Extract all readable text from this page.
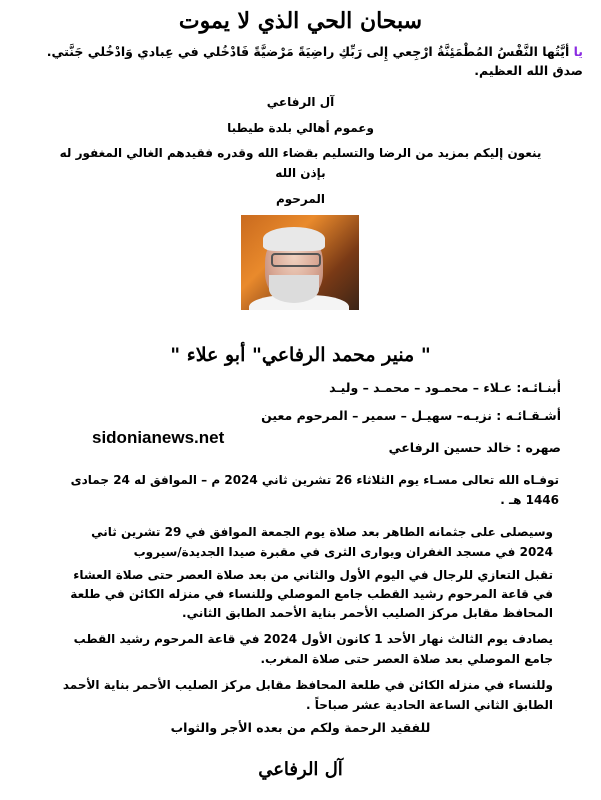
سبحان الحي الذي لا يموت
يا أيَّتُها النَّفْسُ المُطْمَئِنَّةُ ارْجِعي إِلى رَبِّكِ راضِيَةً مَرْضيَّةً فَادْخُلي في عِبادي وَادْخُلي جَنَّتي. صدق الله العظيم.
آل الرفاعي
وعموم أهالي بلدة طيطبا
ينعون إليكم بمزيد من الرضا والتسليم بقضاء الله وقدره فقيدهم الغالي المغفور له بإذن الله
المرحوم
" منير محمد الرفاعي" أبو علاء "
أبنـائـه: عـلاء – محمـود – محمـد – وليـد
أشـقـائـه : نزيـه– سهيـل – سمير – المرحوم معين
sidonianews.net
صهره : خالد حسين الرفاعي
توفـاه الله تعالى مسـاء يوم الثلاثاء 26 تشرين ثاني 2024 م – الموافق له 24 جمادى 1446 هـ .
وسيصلى على جثمانه الطاهر بعد صلاة يوم الجمعة الموافق في 29 تشرين ثاني 2024 في مسجد الغفران ويوارى الثرى في مقبرة صيدا الجديدة/سيروب
تقبل التعازي للرجال في اليوم الأول والثاني من بعد صلاة العصر حتى صلاة العشاء في قاعة المرحوم رشيد القطب جامع الموصلي وللنساء في منزله الكائن في طلعة المحافظ مقابل مركز الصليب الأحمر بناية الأحمد الطابق الثاني.
يصادف يوم الثالث نهار الأحد 1 كانون الأول 2024 في قاعة المرحوم رشيد القطب جامع الموصلي بعد صلاة العصر حتى صلاة المغرب.
وللنساء في منزله الكائن في طلعة المحافظ مقابل مركز الصليب الأحمر بناية الأحمد الطابق الثاني الساعة الحادية عشر صباحاً .
للفقيد الرحمة ولكم من بعده الأجر والثواب
آل الرفاعي
